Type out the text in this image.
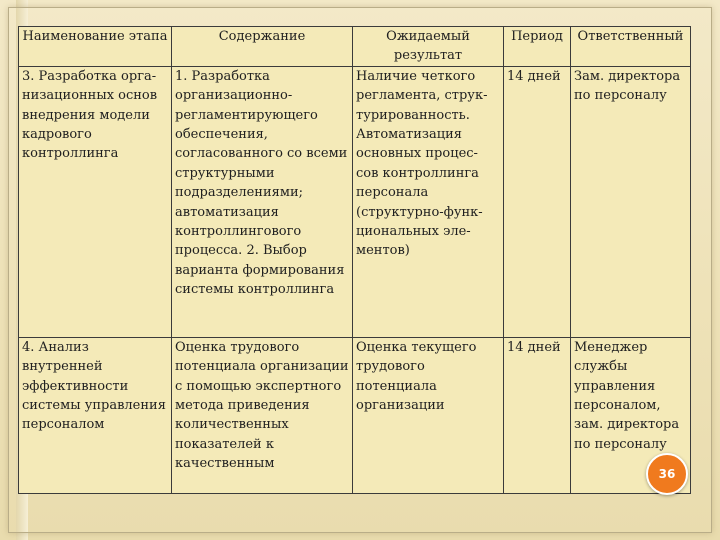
Наименование этапа	Содержание	Ожидаемый результат	Период	Ответственный
3. Разработка орга-низационных основ внедрения модели кадрового контроллинга	1. Разработка организационно-регламентирующего обеспечения, согласованного со всеми структурными подразделениями; автоматизация контроллингового процесса. 2. Выбор варианта формирования системы контроллинга	Наличие четкого регламента, струк-турированность. Автоматизация основных процес-сов контроллинга персонала (структурно-функ-циональных эле-ментов)	14 дней	Зам. директора по персоналу
4. Анализ внутренней эффективности системы управления персоналом	Оценка трудового потенциала организации с помощью экспертного метода приведения количественных показателей к качественным	Оценка текущего трудового потенциала организации	14 дней	Менеджер службы управления персоналом, зам. директора по персоналу
36
